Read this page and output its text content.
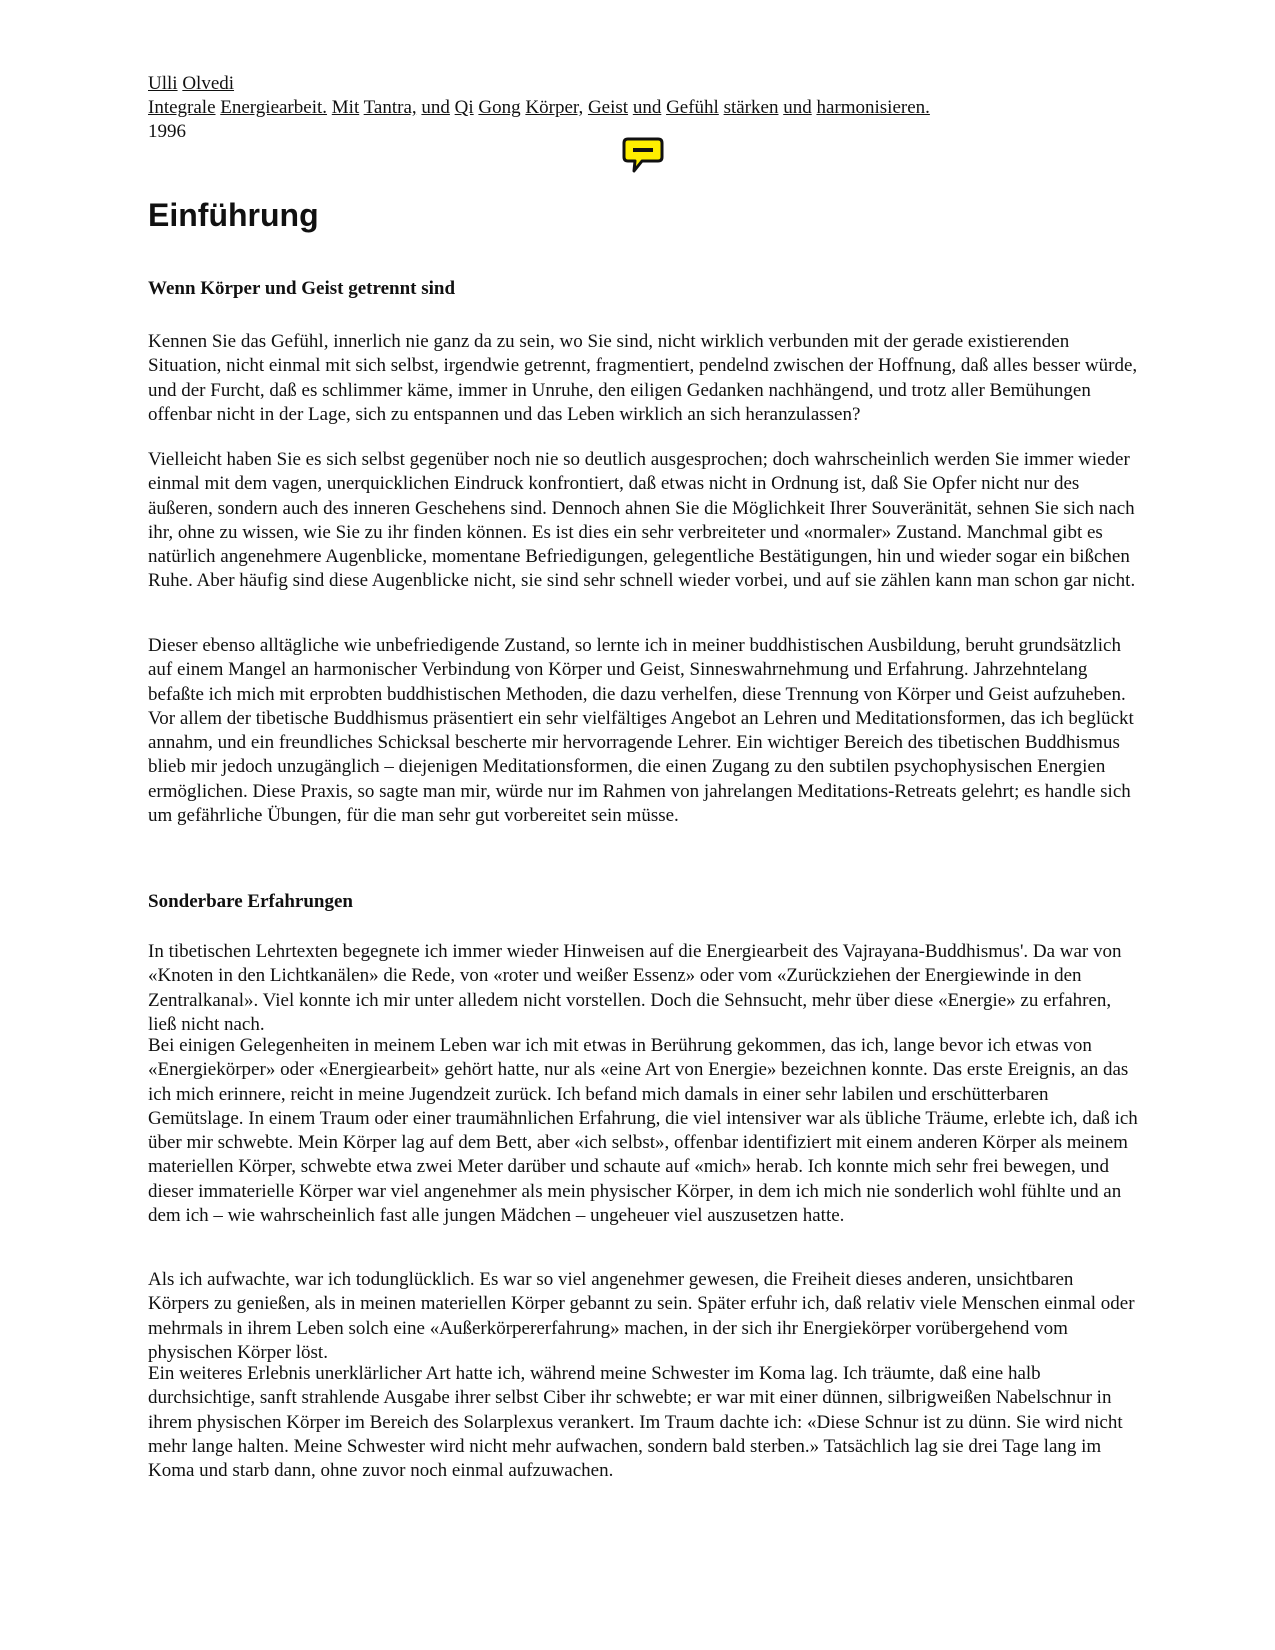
Ulli Olvedi
Integrale Energiearbeit. Mit Tantra, und Qi Gong Körper, Geist und Gefühl stärken und harmonisieren.
1996
Einführung
Wenn Körper und Geist getrennt sind

Kennen Sie das Gefühl, innerlich nie ganz da zu sein, wo Sie sind, nicht wirklich verbunden mit der gerade existierenden Situation, nicht einmal mit sich selbst, irgendwie getrennt, fragmentiert, pendelnd zwischen der Hoffnung, daß alles besser würde, und der Furcht, daß es schlimmer käme, immer in Unruhe, den eiligen Gedanken nachhängend, und trotz aller Bemühungen offenbar nicht in der Lage, sich zu entspannen und das Leben wirklich an sich heranzulassen?

Vielleicht haben Sie es sich selbst gegenüber noch nie so deutlich ausgesprochen; doch wahrscheinlich werden Sie immer wieder einmal mit dem vagen, unerquicklichen Eindruck konfrontiert, daß etwas nicht in Ordnung ist, daß Sie Opfer nicht nur des äußeren, sondern auch des inneren Geschehens sind. Dennoch ahnen Sie die Möglichkeit Ihrer Souveränität, sehnen Sie sich nach ihr, ohne zu wissen, wie Sie zu ihr finden können. Es ist dies ein sehr verbreiteter und «normaler» Zustand. Manchmal gibt es natürlich angenehmere Augenblicke, momentane Befriedigungen, gelegentliche Bestätigungen, hin und wieder sogar ein bißchen Ruhe. Aber häufig sind diese Augenblicke nicht, sie sind sehr schnell wieder vorbei, und auf sie zählen kann man schon gar nicht.

Dieser ebenso alltägliche wie unbefriedigende Zustand, so lernte ich in meiner buddhistischen Ausbildung, beruht grundsätzlich auf einem Mangel an harmonischer Verbindung von Körper und Geist, Sinneswahrnehmung und Erfahrung. Jahrzehntelang befaßte ich mich mit erprobten buddhistischen Methoden, die dazu verhelfen, diese Trennung von Körper und Geist aufzuheben. Vor allem der tibetische Buddhismus präsentiert ein sehr vielfältiges Angebot an Lehren und Meditationsformen, das ich beglückt annahm, und ein freundliches Schicksal bescherte mir hervorragende Lehrer. Ein wichtiger Bereich des tibetischen Buddhismus blieb mir jedoch unzugänglich – diejenigen Meditationsformen, die einen Zugang zu den subtilen psychophysischen Energien ermöglichen. Diese Praxis, so sagte man mir, würde nur im Rahmen von jahrelangen Meditations-Retreats gelehrt; es handle sich um gefährliche Übungen, für die man sehr gut vorbereitet sein müsse.

Sonderbare Erfahrungen

In tibetischen Lehrtexten begegnete ich immer wieder Hinweisen auf die Energiearbeit des Vajrayana-Buddhismus'. Da war von «Knoten in den Lichtkanälen» die Rede, von «roter und weißer Essenz» oder vom «Zurückziehen der Energiewinde in den Zentralkanal». Viel konnte ich mir unter alledem nicht vorstellen. Doch die Sehnsucht, mehr über diese «Energie» zu erfahren, ließ nicht nach.

Bei einigen Gelegenheiten in meinem Leben war ich mit etwas in Berührung gekommen, das ich, lange bevor ich etwas von «Energiekörper» oder «Energiearbeit» gehört hatte, nur als «eine Art von Energie» bezeichnen konnte. Das erste Ereignis, an das ich mich erinnere, reicht in meine Jugendzeit zurück. Ich befand mich damals in einer sehr labilen und erschütterbaren Gemütslage. In einem Traum oder einer traumähnlichen Erfahrung, die viel intensiver war als übliche Träume, erlebte ich, daß ich über mir schwebte. Mein Körper lag auf dem Bett, aber «ich selbst», offenbar identifiziert mit einem anderen Körper als meinem materiellen Körper, schwebte etwa zwei Meter darüber und schaute auf «mich» herab. Ich konnte mich sehr frei bewegen, und dieser immaterielle Körper war viel angenehmer als mein physischer Körper, in dem ich mich nie sonderlich wohl fühlte und an dem ich – wie wahrscheinlich fast alle jungen Mädchen – ungeheuer viel auszusetzen hatte.

Als ich aufwachte, war ich todunglücklich. Es war so viel angenehmer gewesen, die Freiheit dieses anderen, unsichtbaren Körpers zu genießen, als in meinen materiellen Körper gebannt zu sein. Später erfuhr ich, daß relativ viele Menschen einmal oder mehrmals in ihrem Leben solch eine «Außerkörpererfahrung» machen, in der sich ihr Energiekörper vorübergehend vom physischen Körper löst.

Ein weiteres Erlebnis unerklärlicher Art hatte ich, während meine Schwester im Koma lag. Ich träumte, daß eine halb durchsichtige, sanft strahlende Ausgabe ihrer selbst Ciber ihr schwebte; er war mit einer dünnen, silbrigweißen Nabelschnur in ihrem physischen Körper im Bereich des Solarplexus verankert. Im Traum dachte ich: «Diese Schnur ist zu dünn. Sie wird nicht mehr lange halten. Meine Schwester wird nicht mehr aufwachen, sondern bald sterben.» Tatsächlich lag sie drei Tage lang im Koma und starb dann, ohne zuvor noch einmal aufzuwachen.
